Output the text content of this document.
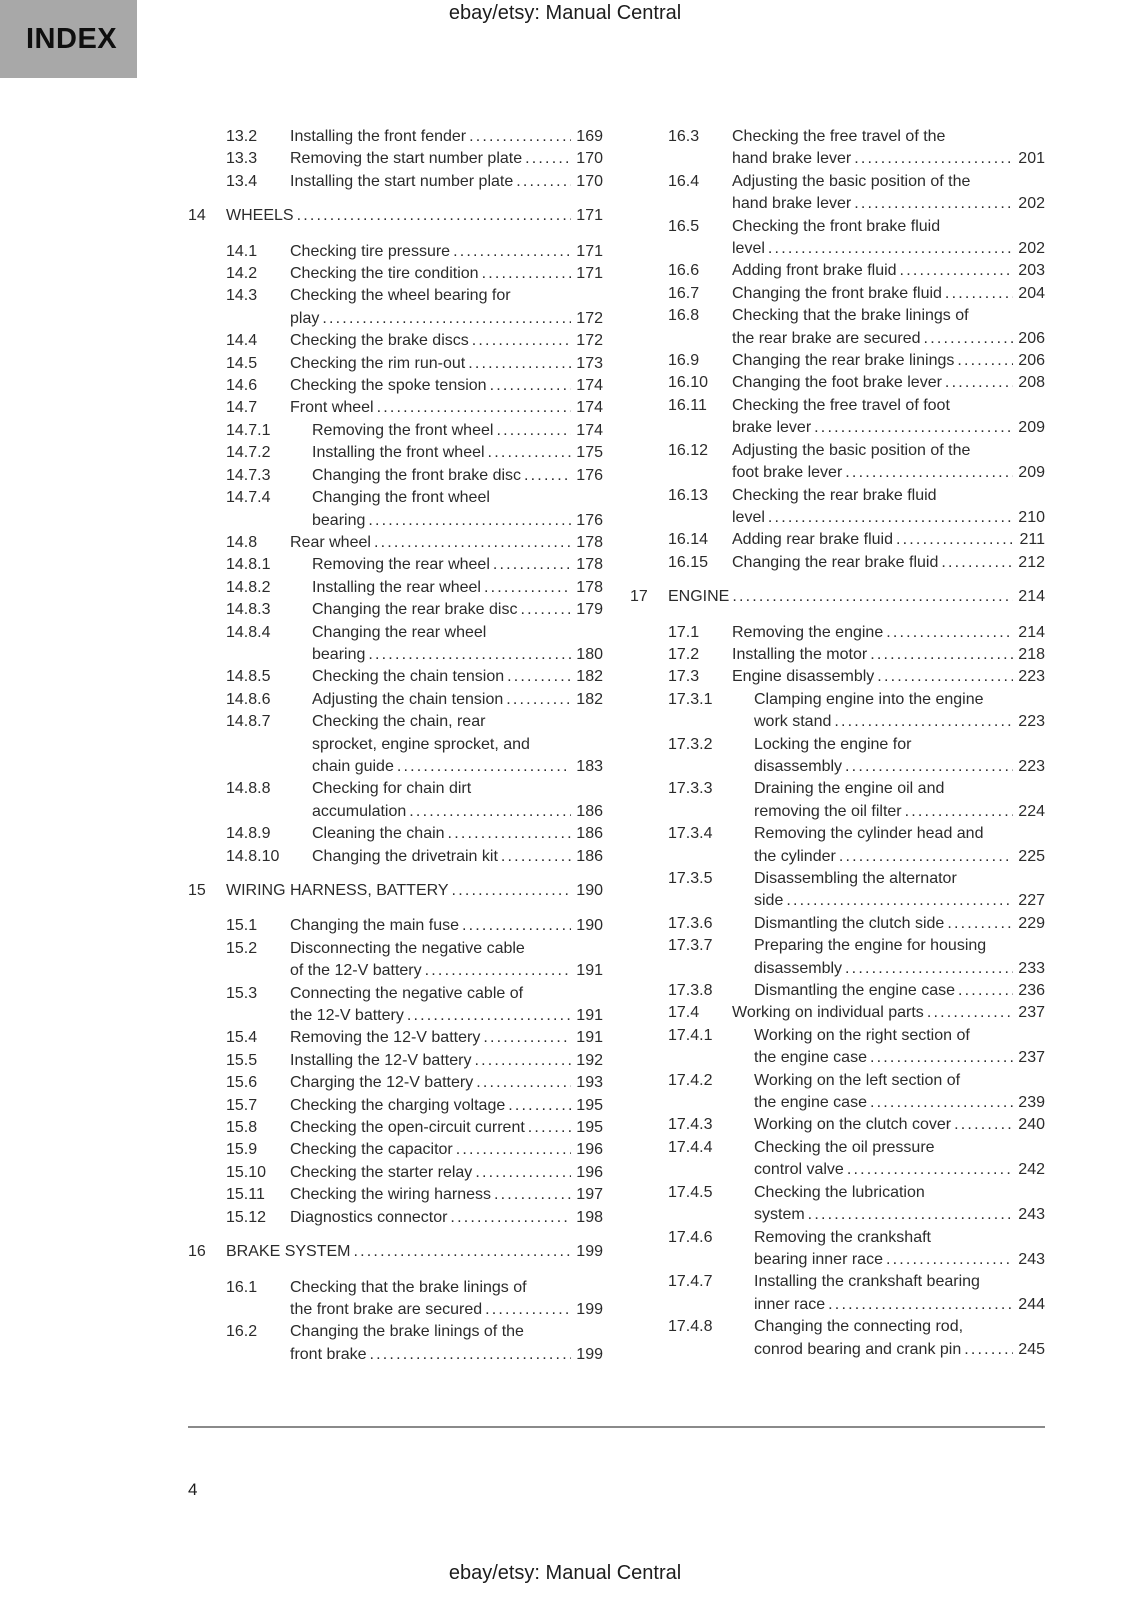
ebay/etsy: Manual Central
INDEX
13.2	Installing the front fender .....	169
13.3	Removing the start number plate .....	170
13.4	Installing the start number plate .....	170
14	WHEELS .....	171
14.1	Checking tire pressure .....	171
14.2	Checking the tire condition .....	171
14.3	Checking the wheel bearing for
play .....	172
14.4	Checking the brake discs .....	172
14.5	Checking the rim run-out .....	173
14.6	Checking the spoke tension .....	174
14.7	Front wheel .....	174
14.7.1	Removing the front wheel .....	174
14.7.2	Installing the front wheel .....	175
14.7.3	Changing the front brake disc .....	176
14.7.4	Changing the front wheel
bearing .....	176
14.8	Rear wheel .....	178
14.8.1	Removing the rear wheel .....	178
14.8.2	Installing the rear wheel .....	178
14.8.3	Changing the rear brake disc .....	179
14.8.4	Changing the rear wheel
bearing .....	180
14.8.5	Checking the chain tension .....	182
14.8.6	Adjusting the chain tension .....	182
14.8.7	Checking the chain, rear
sprocket, engine sprocket, and
chain guide .....	183
14.8.8	Checking for chain dirt
accumulation .....	186
14.8.9	Cleaning the chain .....	186
14.8.10	Changing the drivetrain kit .....	186
15	WIRING HARNESS, BATTERY .....	190
15.1	Changing the main fuse .....	190
15.2	Disconnecting the negative cable
of the 12-V battery .....	191
15.3	Connecting the negative cable of
the 12-V battery .....	191
15.4	Removing the 12-V battery .....	191
15.5	Installing the 12-V battery .....	192
15.6	Charging the 12-V battery .....	193
15.7	Checking the charging voltage .....	195
15.8	Checking the open-circuit current .....	195
15.9	Checking the capacitor .....	196
15.10	Checking the starter relay .....	196
15.11	Checking the wiring harness .....	197
15.12	Diagnostics connector .....	198
16	BRAKE SYSTEM .....	199
16.1	Checking that the brake linings of
the front brake are secured .....	199
16.2	Changing the brake linings of the
front brake .....	199
16.3	Checking the free travel of the
hand brake lever .....	201
16.4	Adjusting the basic position of the
hand brake lever .....	202
16.5	Checking the front brake fluid
level .....	202
16.6	Adding front brake fluid .....	203
16.7	Changing the front brake fluid .....	204
16.8	Checking that the brake linings of
the rear brake are secured .....	206
16.9	Changing the rear brake linings .....	206
16.10	Changing the foot brake lever .....	208
16.11	Checking the free travel of foot
brake lever .....	209
16.12	Adjusting the basic position of the
foot brake lever .....	209
16.13	Checking the rear brake fluid
level .....	210
16.14	Adding rear brake fluid .....	211
16.15	Changing the rear brake fluid .....	212
17	ENGINE .....	214
17.1	Removing the engine .....	214
17.2	Installing the motor .....	218
17.3	Engine disassembly .....	223
17.3.1	Clamping engine into the engine
work stand .....	223
17.3.2	Locking the engine for
disassembly .....	223
17.3.3	Draining the engine oil and
removing the oil filter .....	224
17.3.4	Removing the cylinder head and
the cylinder .....	225
17.3.5	Disassembling the alternator
side .....	227
17.3.6	Dismantling the clutch side .....	229
17.3.7	Preparing the engine for housing
disassembly .....	233
17.3.8	Dismantling the engine case .....	236
17.4	Working on individual parts .....	237
17.4.1	Working on the right section of
the engine case .....	237
17.4.2	Working on the left section of
the engine case .....	239
17.4.3	Working on the clutch cover .....	240
17.4.4	Checking the oil pressure
control valve .....	242
17.4.5	Checking the lubrication
system .....	243
17.4.6	Removing the crankshaft
bearing inner race .....	243
17.4.7	Installing the crankshaft bearing
inner race .....	244
17.4.8	Changing the connecting rod,
conrod bearing and crank pin .....	245
4
ebay/etsy: Manual Central
